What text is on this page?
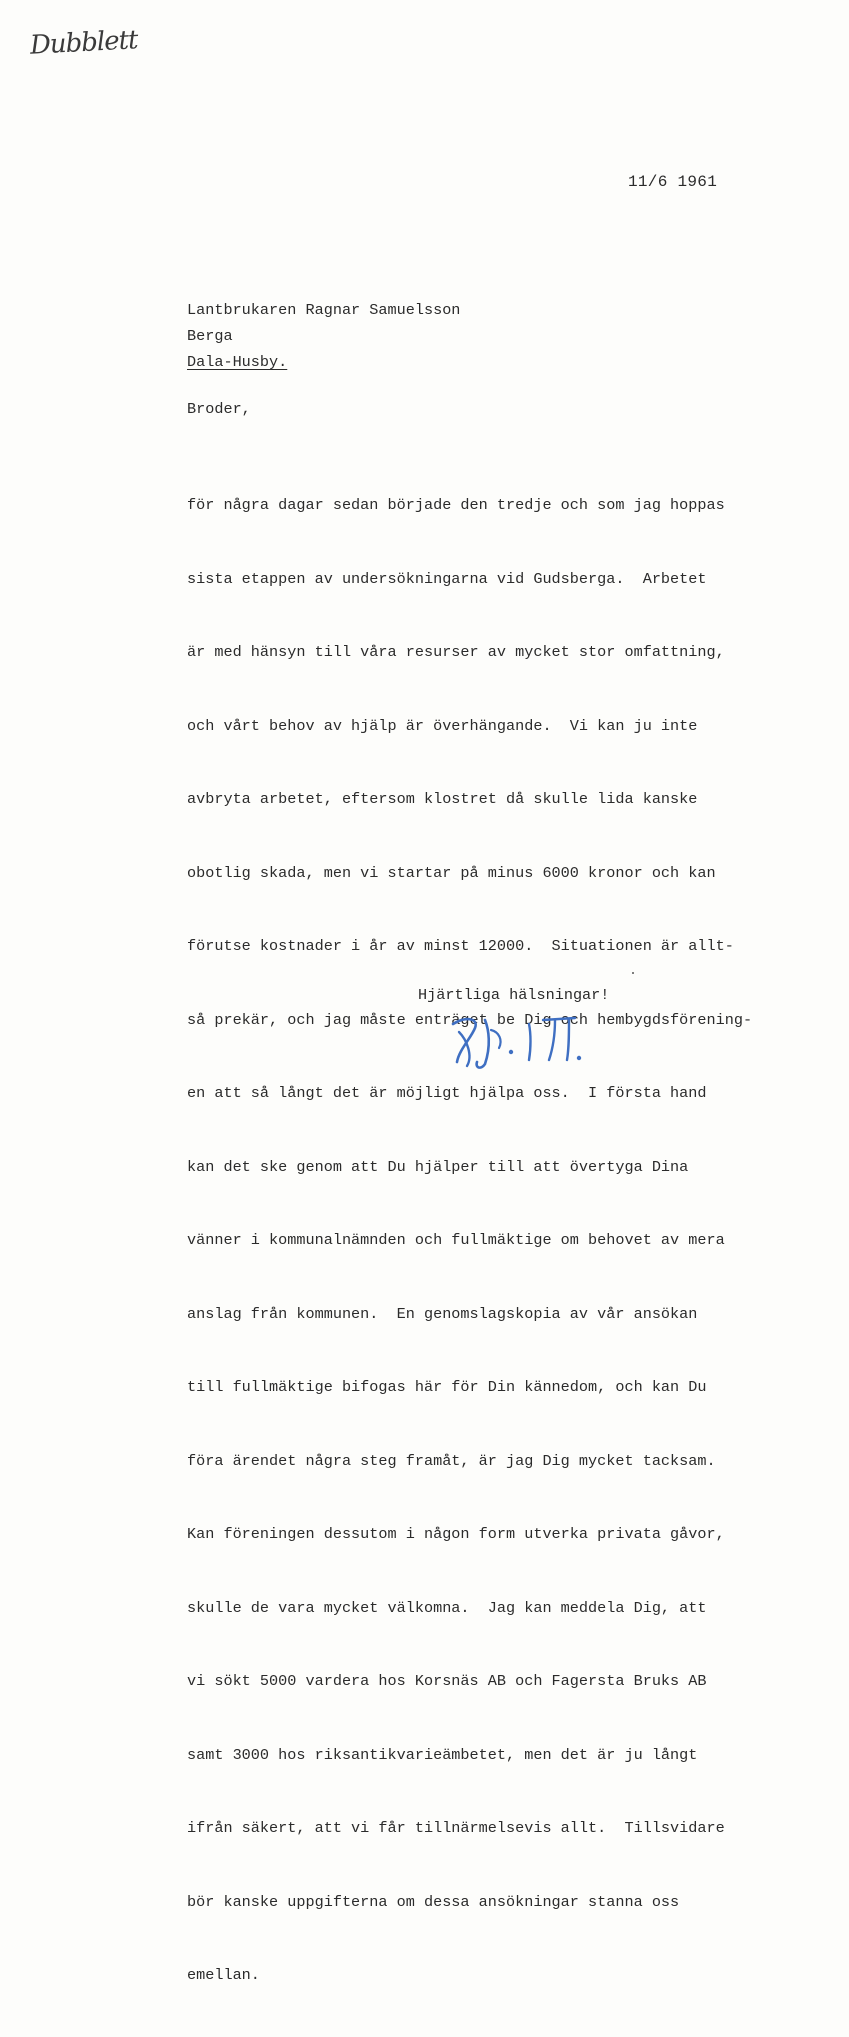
Dubblett
11/6 1961
Lantbrukaren Ragnar Samuelsson
Berga
Dala-Husby.
Broder,

för några dagar sedan började den tredje och som jag hoppas

sista etappen av undersökningarna vid Gudsberga.  Arbetet

är med hänsyn till våra resurser av mycket stor omfattning,

och vårt behov av hjälp är överhängande.  Vi kan ju inte

avbryta arbetet, eftersom klostret då skulle lida kanske

obotlig skada, men vi startar på minus 6000 kronor och kan

förutse kostnader i år av minst 12000.  Situationen är allt-

så prekär, och jag måste enträget be Dig och hembygdsförening-

en att så långt det är möjligt hjälpa oss.  I första hand

kan det ske genom att Du hjälper till att övertyga Dina

vänner i kommunalnämnden och fullmäktige om behovet av mera

anslag från kommunen.  En genomslagskopia av vår ansökan

till fullmäktige bifogas här för Din kännedom, och kan Du

föra ärendet några steg framåt, är jag Dig mycket tacksam.

Kan föreningen dessutom i någon form utverka privata gåvor,

skulle de vara mycket välkomna.  Jag kan meddela Dig, att

vi sökt 5000 vardera hos Korsnäs AB och Fagersta Bruks AB

samt 3000 hos riksantikvarieämbetet, men det är ju långt

ifrån säkert, att vi får tillnärmelsevis allt.  Tillsvidare

bör kanske uppgifterna om dessa ansökningar stanna oss

emellan.

Hjärtliga hälsningar!
